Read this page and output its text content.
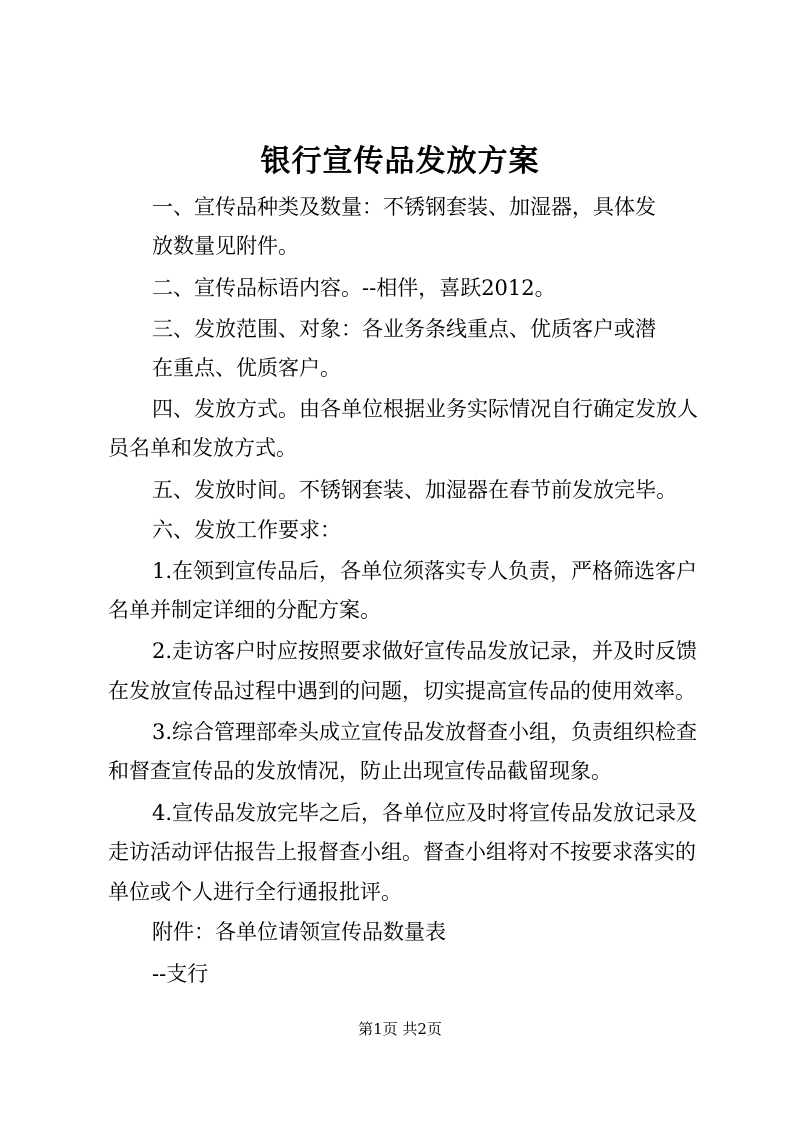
银行宣传品发放方案

一、宣传品种类及数量：不锈钢套装、加湿器，具体发

放数量见附件。

二、宣传品标语内容。--相伴，喜跃2012。

三、发放范围、对象：各业务条线重点、优质客户或潜

在重点、优质客户。

四、发放方式。由各单位根据业务实际情况自行确定发放人

员名单和发放方式。

五、发放时间。不锈钢套装、加湿器在春节前发放完毕。

六、发放工作要求：

1.在领到宣传品后，各单位须落实专人负责，严格筛选客户

名单并制定详细的分配方案。

2.走访客户时应按照要求做好宣传品发放记录，并及时反馈

在发放宣传品过程中遇到的问题，切实提高宣传品的使用效率。

3.综合管理部牵头成立宣传品发放督查小组，负责组织检查

和督查宣传品的发放情况，防止出现宣传品截留现象。

4.宣传品发放完毕之后，各单位应及时将宣传品发放记录及

走访活动评估报告上报督查小组。督查小组将对不按要求落实的

单位或个人进行全行通报批评。

附件：各单位请领宣传品数量表

--支行

第1页 共2页
